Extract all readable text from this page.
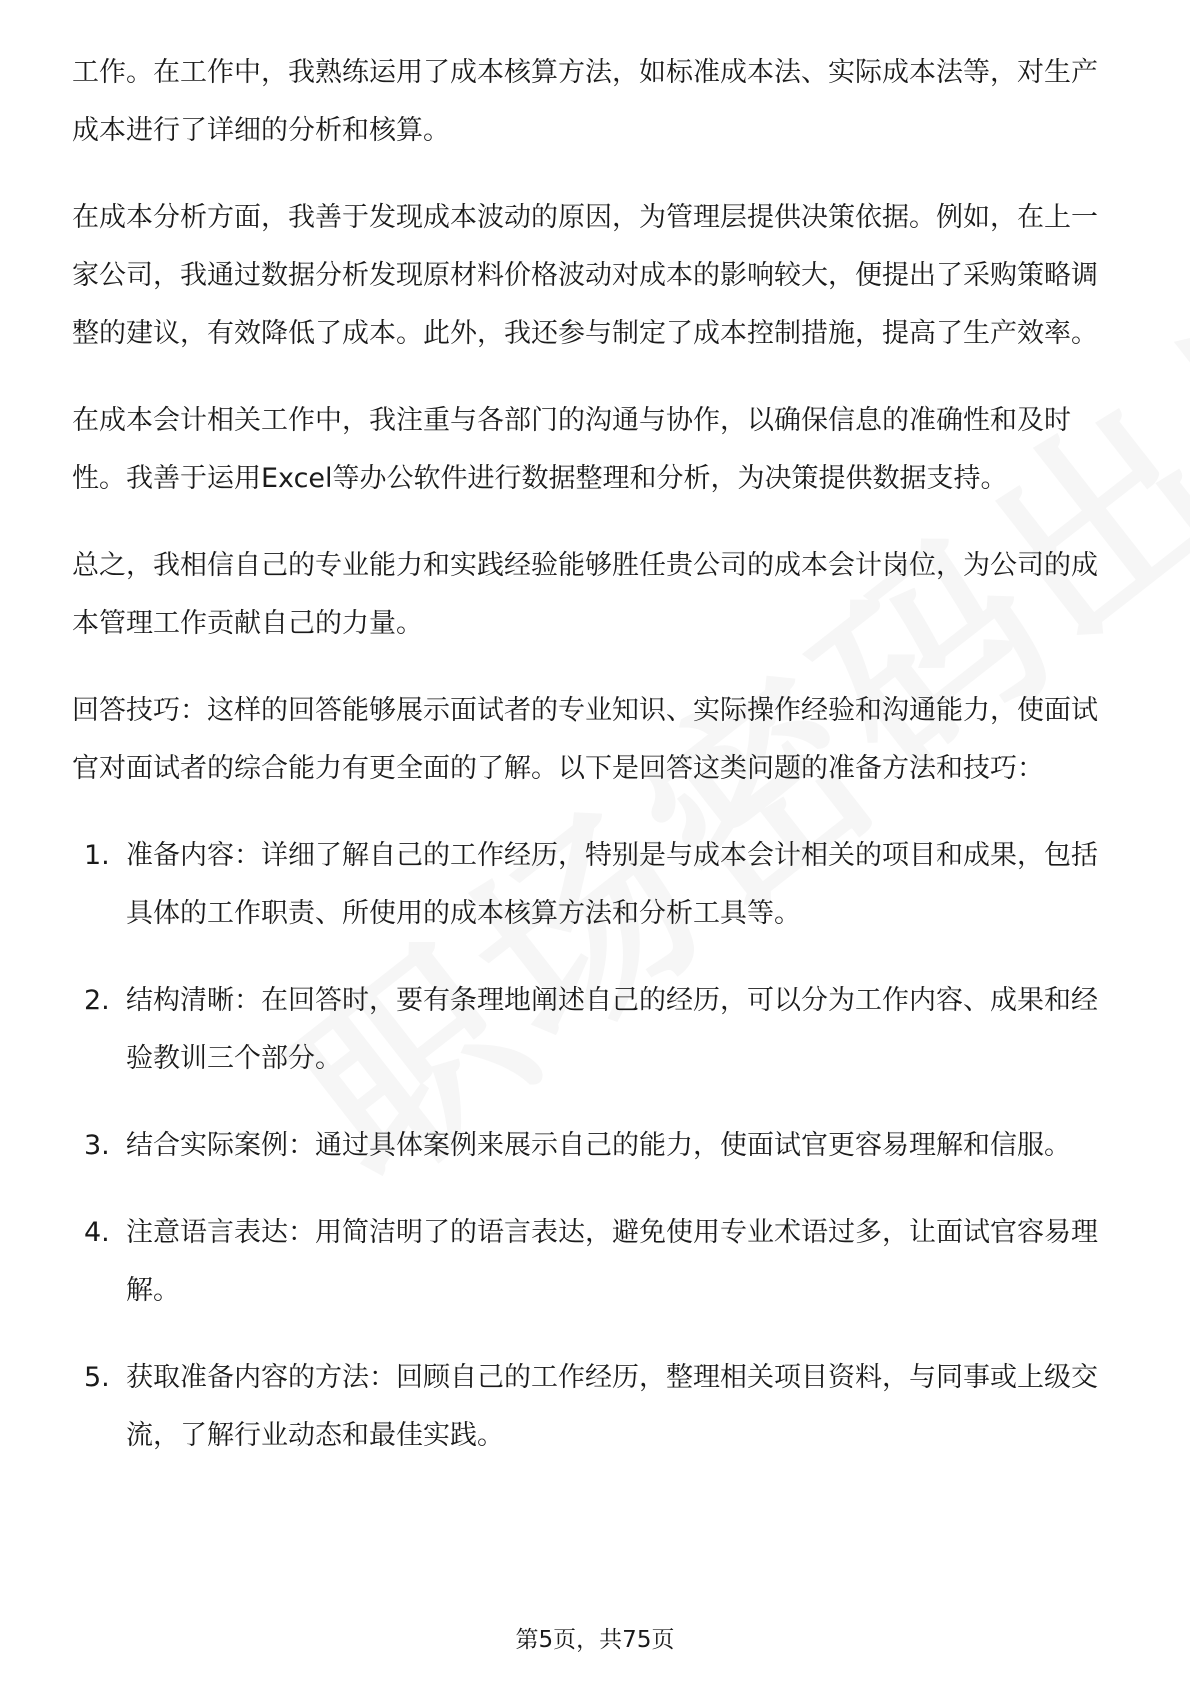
工作。在工作中，我熟练运用了成本核算方法，如标准成本法、实际成本法等，对生产成本进行了详细的分析和核算。

在成本分析方面，我善于发现成本波动的原因，为管理层提供决策依据。例如，在上一家公司，我通过数据分析发现原材料价格波动对成本的影响较大，便提出了采购策略调整的建议，有效降低了成本。此外，我还参与制定了成本控制措施，提高了生产效率。

在成本会计相关工作中，我注重与各部门的沟通与协作，以确保信息的准确性和及时性。我善于运用Excel等办公软件进行数据整理和分析，为决策提供数据支持。

总之，我相信自己的专业能力和实践经验能够胜任贵公司的成本会计岗位，为公司的成本管理工作贡献自己的力量。

回答技巧：这样的回答能够展示面试者的专业知识、实际操作经验和沟通能力，使面试官对面试者的综合能力有更全面的了解。以下是回答这类问题的准备方法和技巧：

1. 准备内容：详细了解自己的工作经历，特别是与成本会计相关的项目和成果，包括具体的工作职责、所使用的成本核算方法和分析工具等。
2. 结构清晰：在回答时，要有条理地阐述自己的经历，可以分为工作内容、成果和经验教训三个部分。
3. 结合实际案例：通过具体案例来展示自己的能力，使面试官更容易理解和信服。
4. 注意语言表达：用简洁明了的语言表达，避免使用专业术语过多，让面试官容易理解。
5. 获取准备内容的方法：回顾自己的工作经历，整理相关项目资料，与同事或上级交流，了解行业动态和最佳实践。
第5页，共75页
